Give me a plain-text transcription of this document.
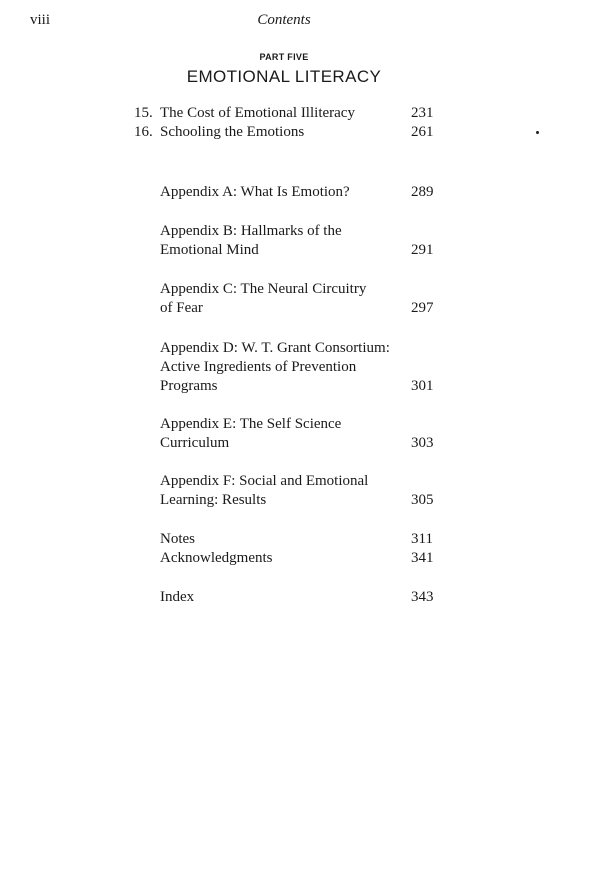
viii	Contents
PART FIVE
EMOTIONAL LITERACY
15. The Cost of Emotional Illiteracy	231
16. Schooling the Emotions	261
Appendix A: What Is Emotion?	289
Appendix B: Hallmarks of the
Emotional Mind	291
Appendix C: The Neural Circuitry
of Fear	297
Appendix D: W. T. Grant Consortium:
Active Ingredients of Prevention
Programs	301
Appendix E: The Self Science
Curriculum	303
Appendix F: Social and Emotional
Learning: Results	305
Notes	311
Acknowledgments	341
Index	343
